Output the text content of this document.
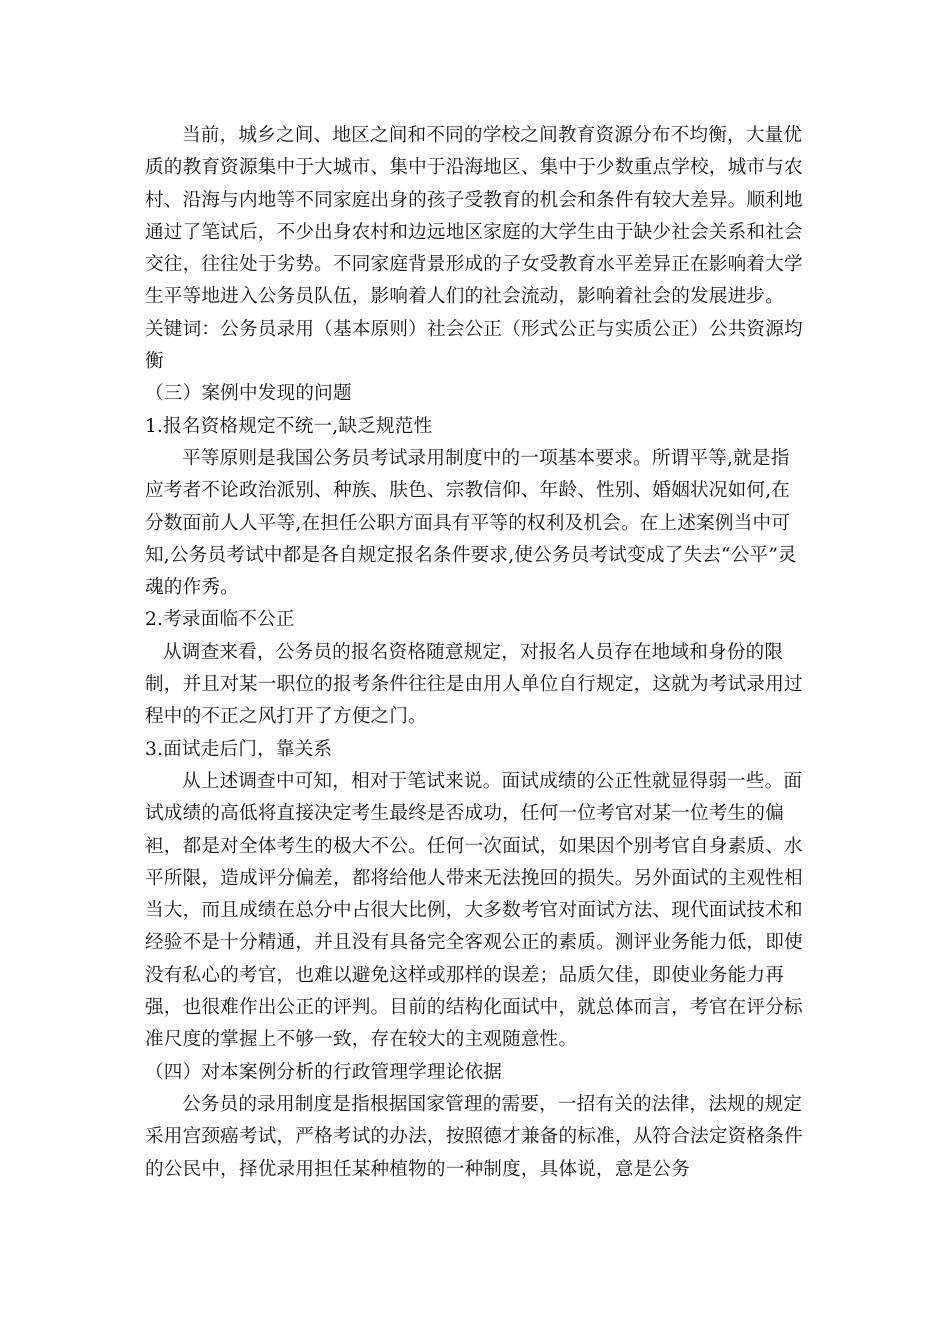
当前，城乡之间、地区之间和不同的学校之间教育资源分布不均衡，大量优质的教育资源集中于大城市、集中于沿海地区、集中于少数重点学校，城市与农村、沿海与内地等不同家庭出身的孩子受教育的机会和条件有较大差异。顺利地通过了笔试后，不少出身农村和边远地区家庭的大学生由于缺少社会关系和社会交往，往往处于劣势。不同家庭背景形成的子女受教育水平差异正在影响着大学生平等地进入公务员队伍，影响着人们的社会流动，影响着社会的发展进步。

关键词：公务员录用（基本原则）社会公正（形式公正与实质公正）公共资源均衡

（三）案例中发现的问题

1.报名资格规定不统一,缺乏规范性

平等原则是我国公务员考试录用制度中的一项基本要求。所谓平等,就是指应考者不论政治派别、种族、肤色、宗教信仰、年龄、性别、婚姻状况如何,在分数面前人人平等,在担任公职方面具有平等的权利及机会。在上述案例当中可知,公务员考试中都是各自规定报名条件要求,使公务员考试变成了失去“公平”灵魂的作秀。

2.考录面临不公正

从调查来看，公务员的报名资格随意规定，对报名人员存在地域和身份的限制，并且对某一职位的报考条件往往是由用人单位自行规定，这就为考试录用过程中的不正之风打开了方便之门。

3.面试走后门，靠关系

从上述调查中可知，相对于笔试来说。面试成绩的公正性就显得弱一些。面试成绩的高低将直接决定考生最终是否成功，任何一位考官对某一位考生的偏袒，都是对全体考生的极大不公。任何一次面试，如果因个别考官自身素质、水平所限，造成评分偏差，都将给他人带来无法挽回的损失。另外面试的主观性相当大，而且成绩在总分中占很大比例，大多数考官对面试方法、现代面试技术和经验不是十分精通，并且没有具备完全客观公正的素质。测评业务能力低，即使没有私心的考官，也难以避免这样或那样的误差；品质欠佳，即使业务能力再强，也很难作出公正的评判。目前的结构化面试中，就总体而言，考官在评分标准尺度的掌握上不够一致，存在较大的主观随意性。

（四）对本案例分析的行政管理学理论依据

公务员的录用制度是指根据国家管理的需要，一招有关的法律，法规的规定采用宫颈癌考试，严格考试的办法，按照德才兼备的标准，从符合法定资格条件的公民中，择优录用担任某种植物的一种制度，具体说，意是公务
